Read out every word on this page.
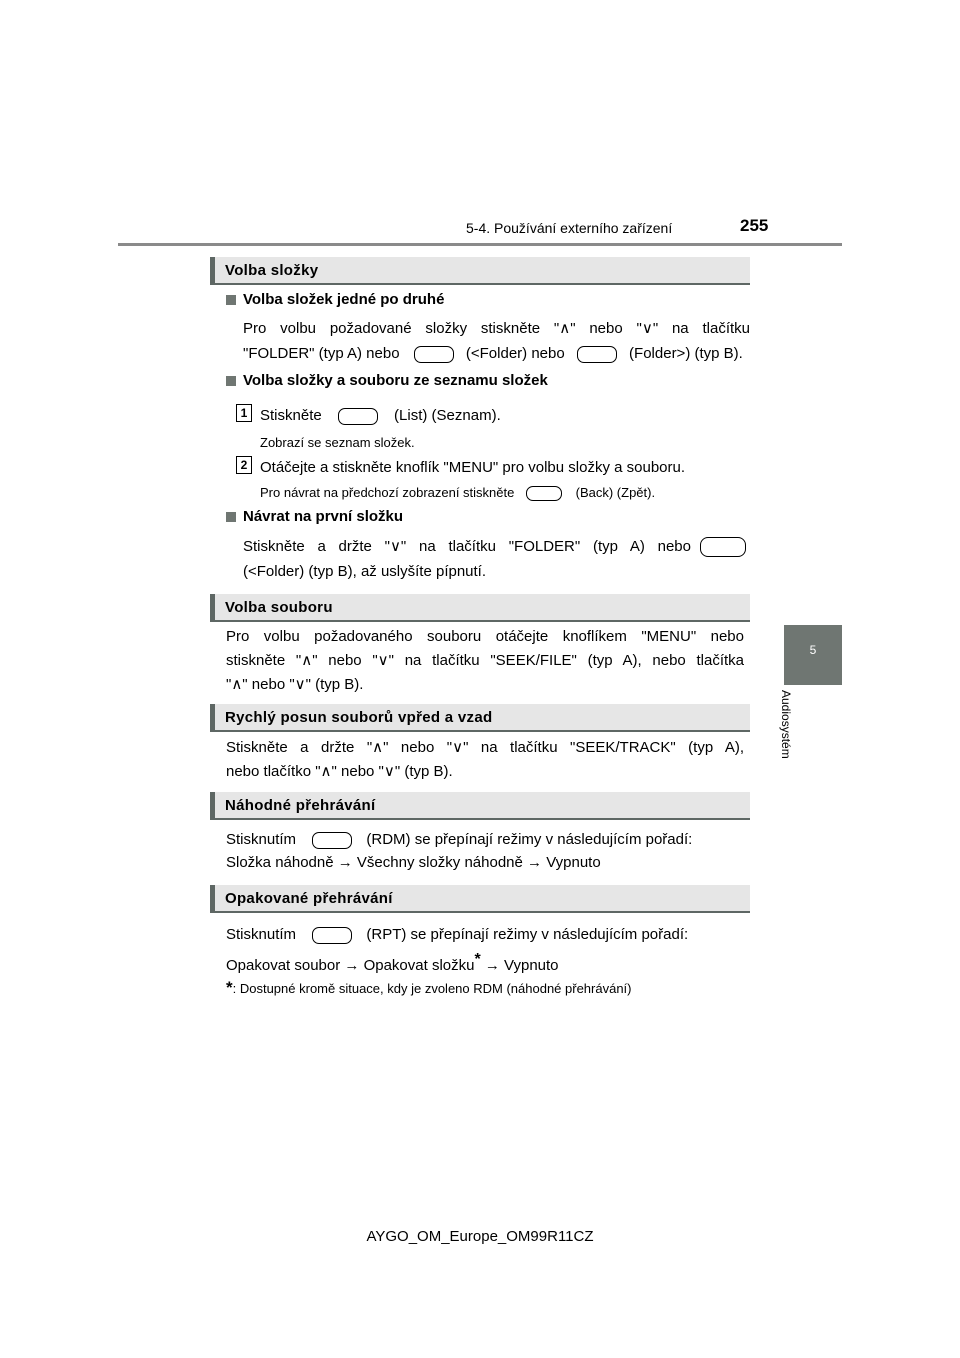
5-4. Používání externího zařízení	255
5
Audiosystém
Volba složky
Volba složek jedné po druhé
Pro volbu požadované složky stiskněte "∧" nebo "∨" na tlačítku
"FOLDER" (typ A) nebo	(<Folder) nebo	(Folder>) (typ B).
Volba složky a souboru ze seznamu složek
1 Stiskněte	(List) (Seznam).
Zobrazí se seznam složek.
2 Otáčejte a stiskněte knoflík "MENU" pro volbu složky a souboru.
Pro návrat na předchozí zobrazení stiskněte	(Back) (Zpět).
Návrat na první složku
Stiskněte a držte "∨" na tlačítku "FOLDER" (typ A) nebo
(<Folder) (typ B), až uslyšíte pípnutí.
Volba souboru
Pro volbu požadovaného souboru otáčejte knoflíkem "MENU" nebo
stiskněte "∧" nebo "∨" na tlačítku "SEEK/FILE" (typ A), nebo tlačítka
"∧" nebo "∨" (typ B).
Rychlý posun souborů vpřed a vzad
Stiskněte a držte "∧" nebo "∨" na tlačítku "SEEK/TRACK" (typ A),
nebo tlačítko "∧" nebo "∨" (typ B).
Náhodné přehrávání
Stisknutím	(RDM) se přepínají režimy v následujícím pořadí:
Složka náhodně → Všechny složky náhodně → Vypnuto
Opakované přehrávání
Stisknutím	(RPT) se přepínají režimy v následujícím pořadí:
Opakovat soubor → Opakovat složku* → Vypnuto
*: Dostupné kromě situace, kdy je zvoleno RDM (náhodné přehrávání)
AYGO_OM_Europe_OM99R11CZ
